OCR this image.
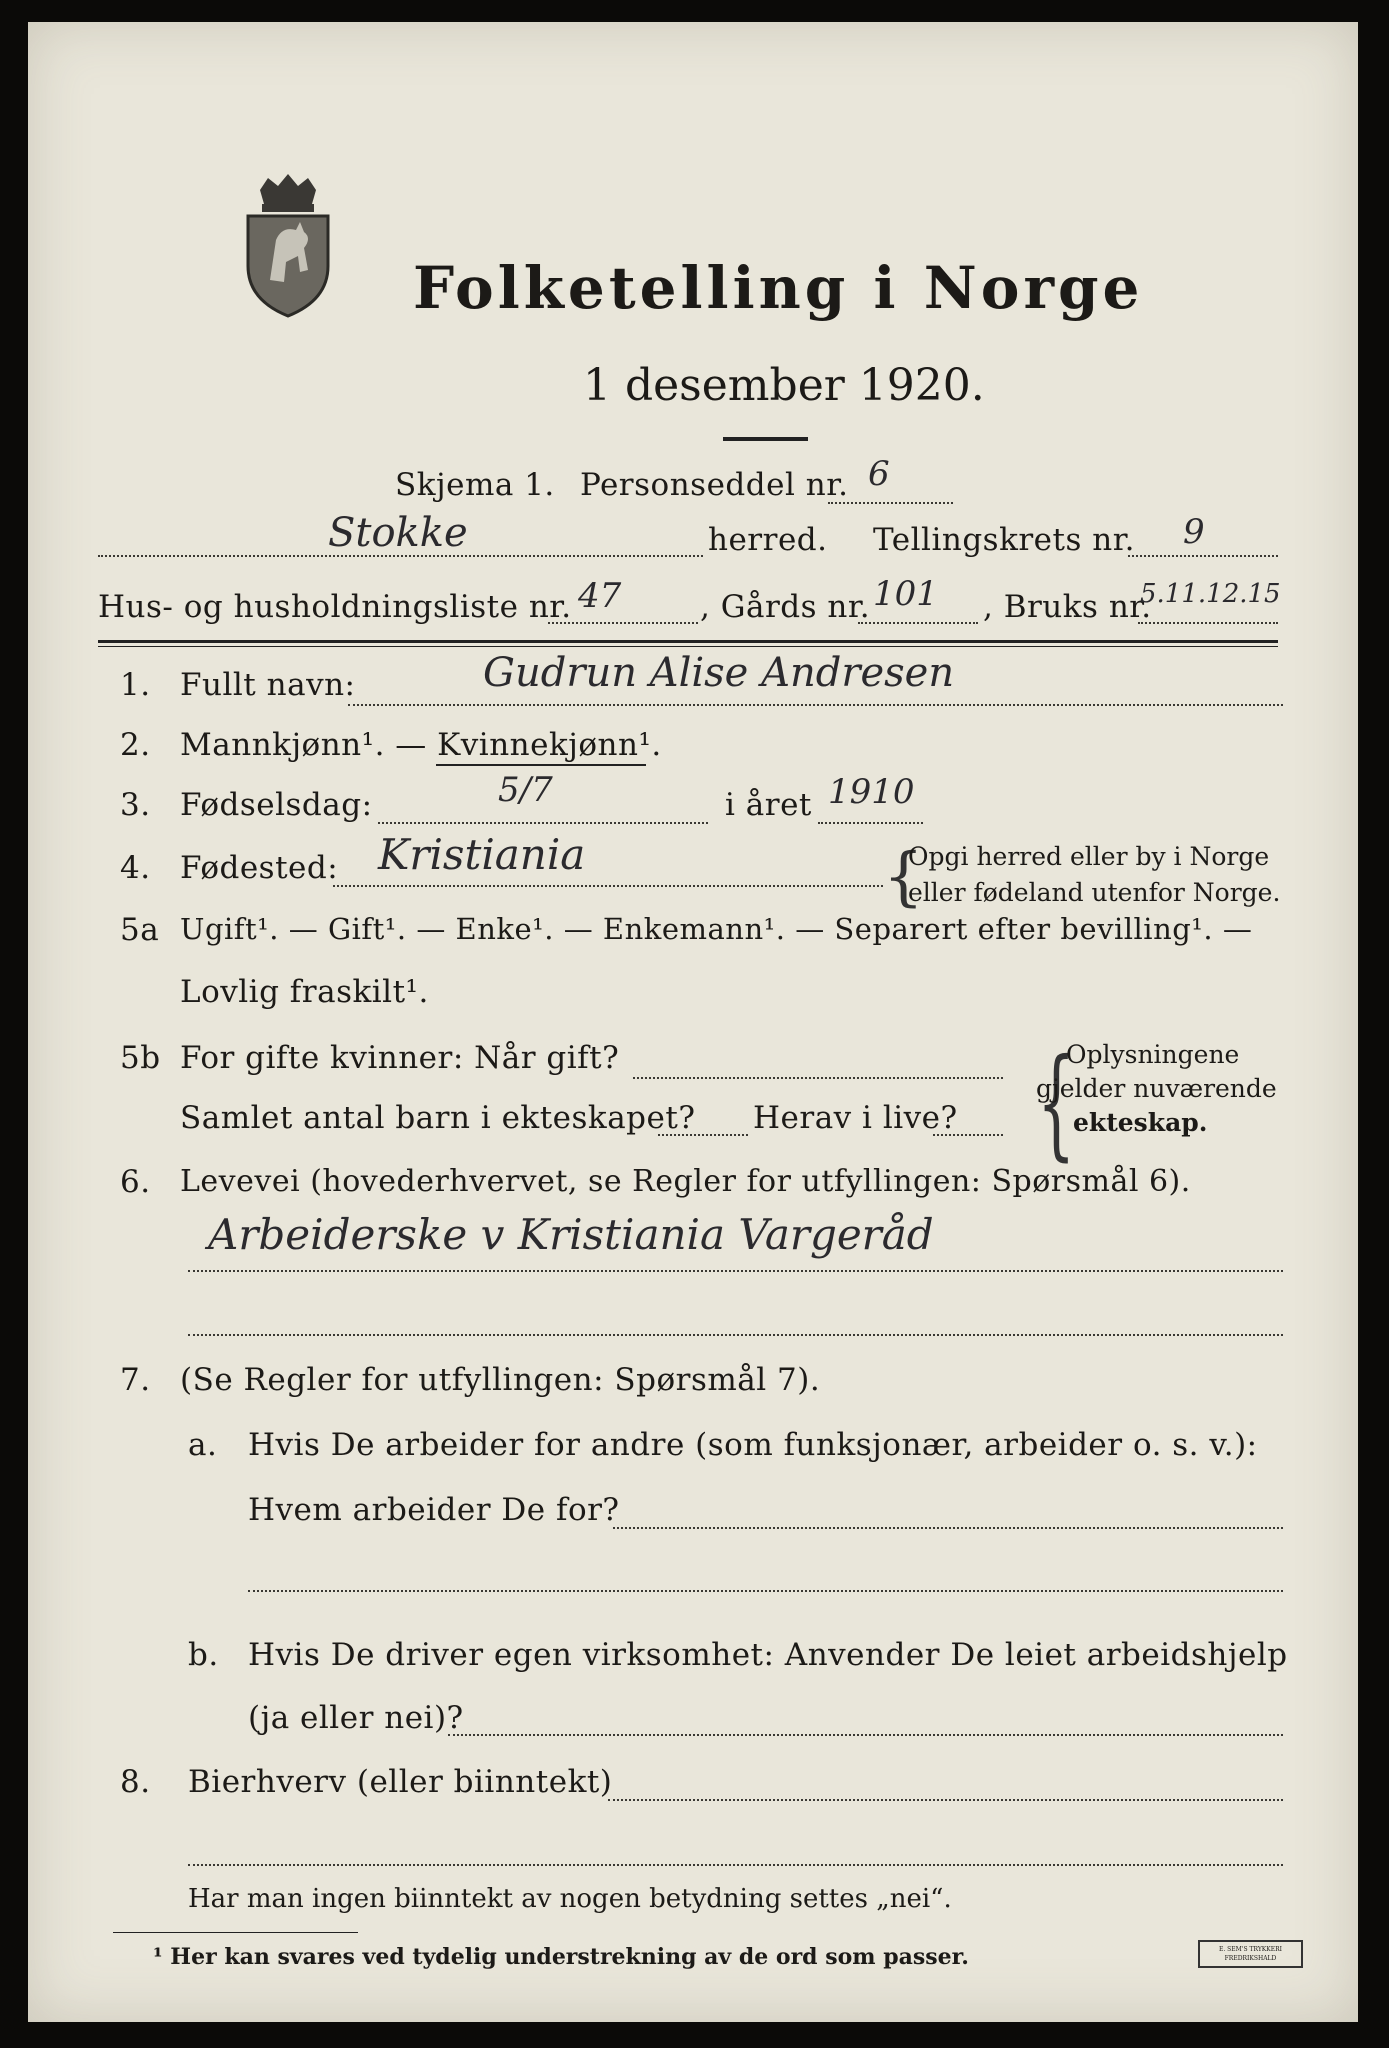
Folketelling i Norge
1 desember 1920.
Skjema 1. Personseddel nr. 6
Stokke	herred. Tellingskrets nr. 9
Hus- og husholdningsliste nr. 47	, Gårds nr. 101 , Bruks nr.
5.11.12.15
1. Fullt navn:	Gudrun Alise Andresen
2. Mannkjønn¹. — Kvinnekjønn¹.
3. Fødselsdag:	5/7	i året 1910
4. Fødested: Kristiania	{
Opgi herred eller by i Norge
eller fødeland utenfor Norge.
5a Ugift¹. — Gift¹. — Enke¹. — Enkemann¹. — Separert efter bevilling¹. —
Lovlig fraskilt¹.
5b For gifte kvinner: Når gift?
Samlet antal barn i ekteskapet? Herav i live? {
Oplysningene
gjelder nuværende
ekteskap.
6. Levevei (hovederhvervet, se Regler for utfyllingen: Spørsmål 6).
Arbeiderske v Kristiania Vargeråd
7. (Se Regler for utfyllingen: Spørsmål 7).
a. Hvis De arbeider for andre (som funksjonær, arbeider o. s. v.):
Hvem arbeider De for?
b. Hvis De driver egen virksomhet: Anvender De leiet arbeidshjelp
(ja eller nei)?
8. Bierhverv (eller biinntekt)
Har man ingen biinntekt av nogen betydning settes „nei“.
¹ Her kan svares ved tydelig understrekning av de ord som passer.	E. SEM'S TRYKKERI FREDRIKSHALD
